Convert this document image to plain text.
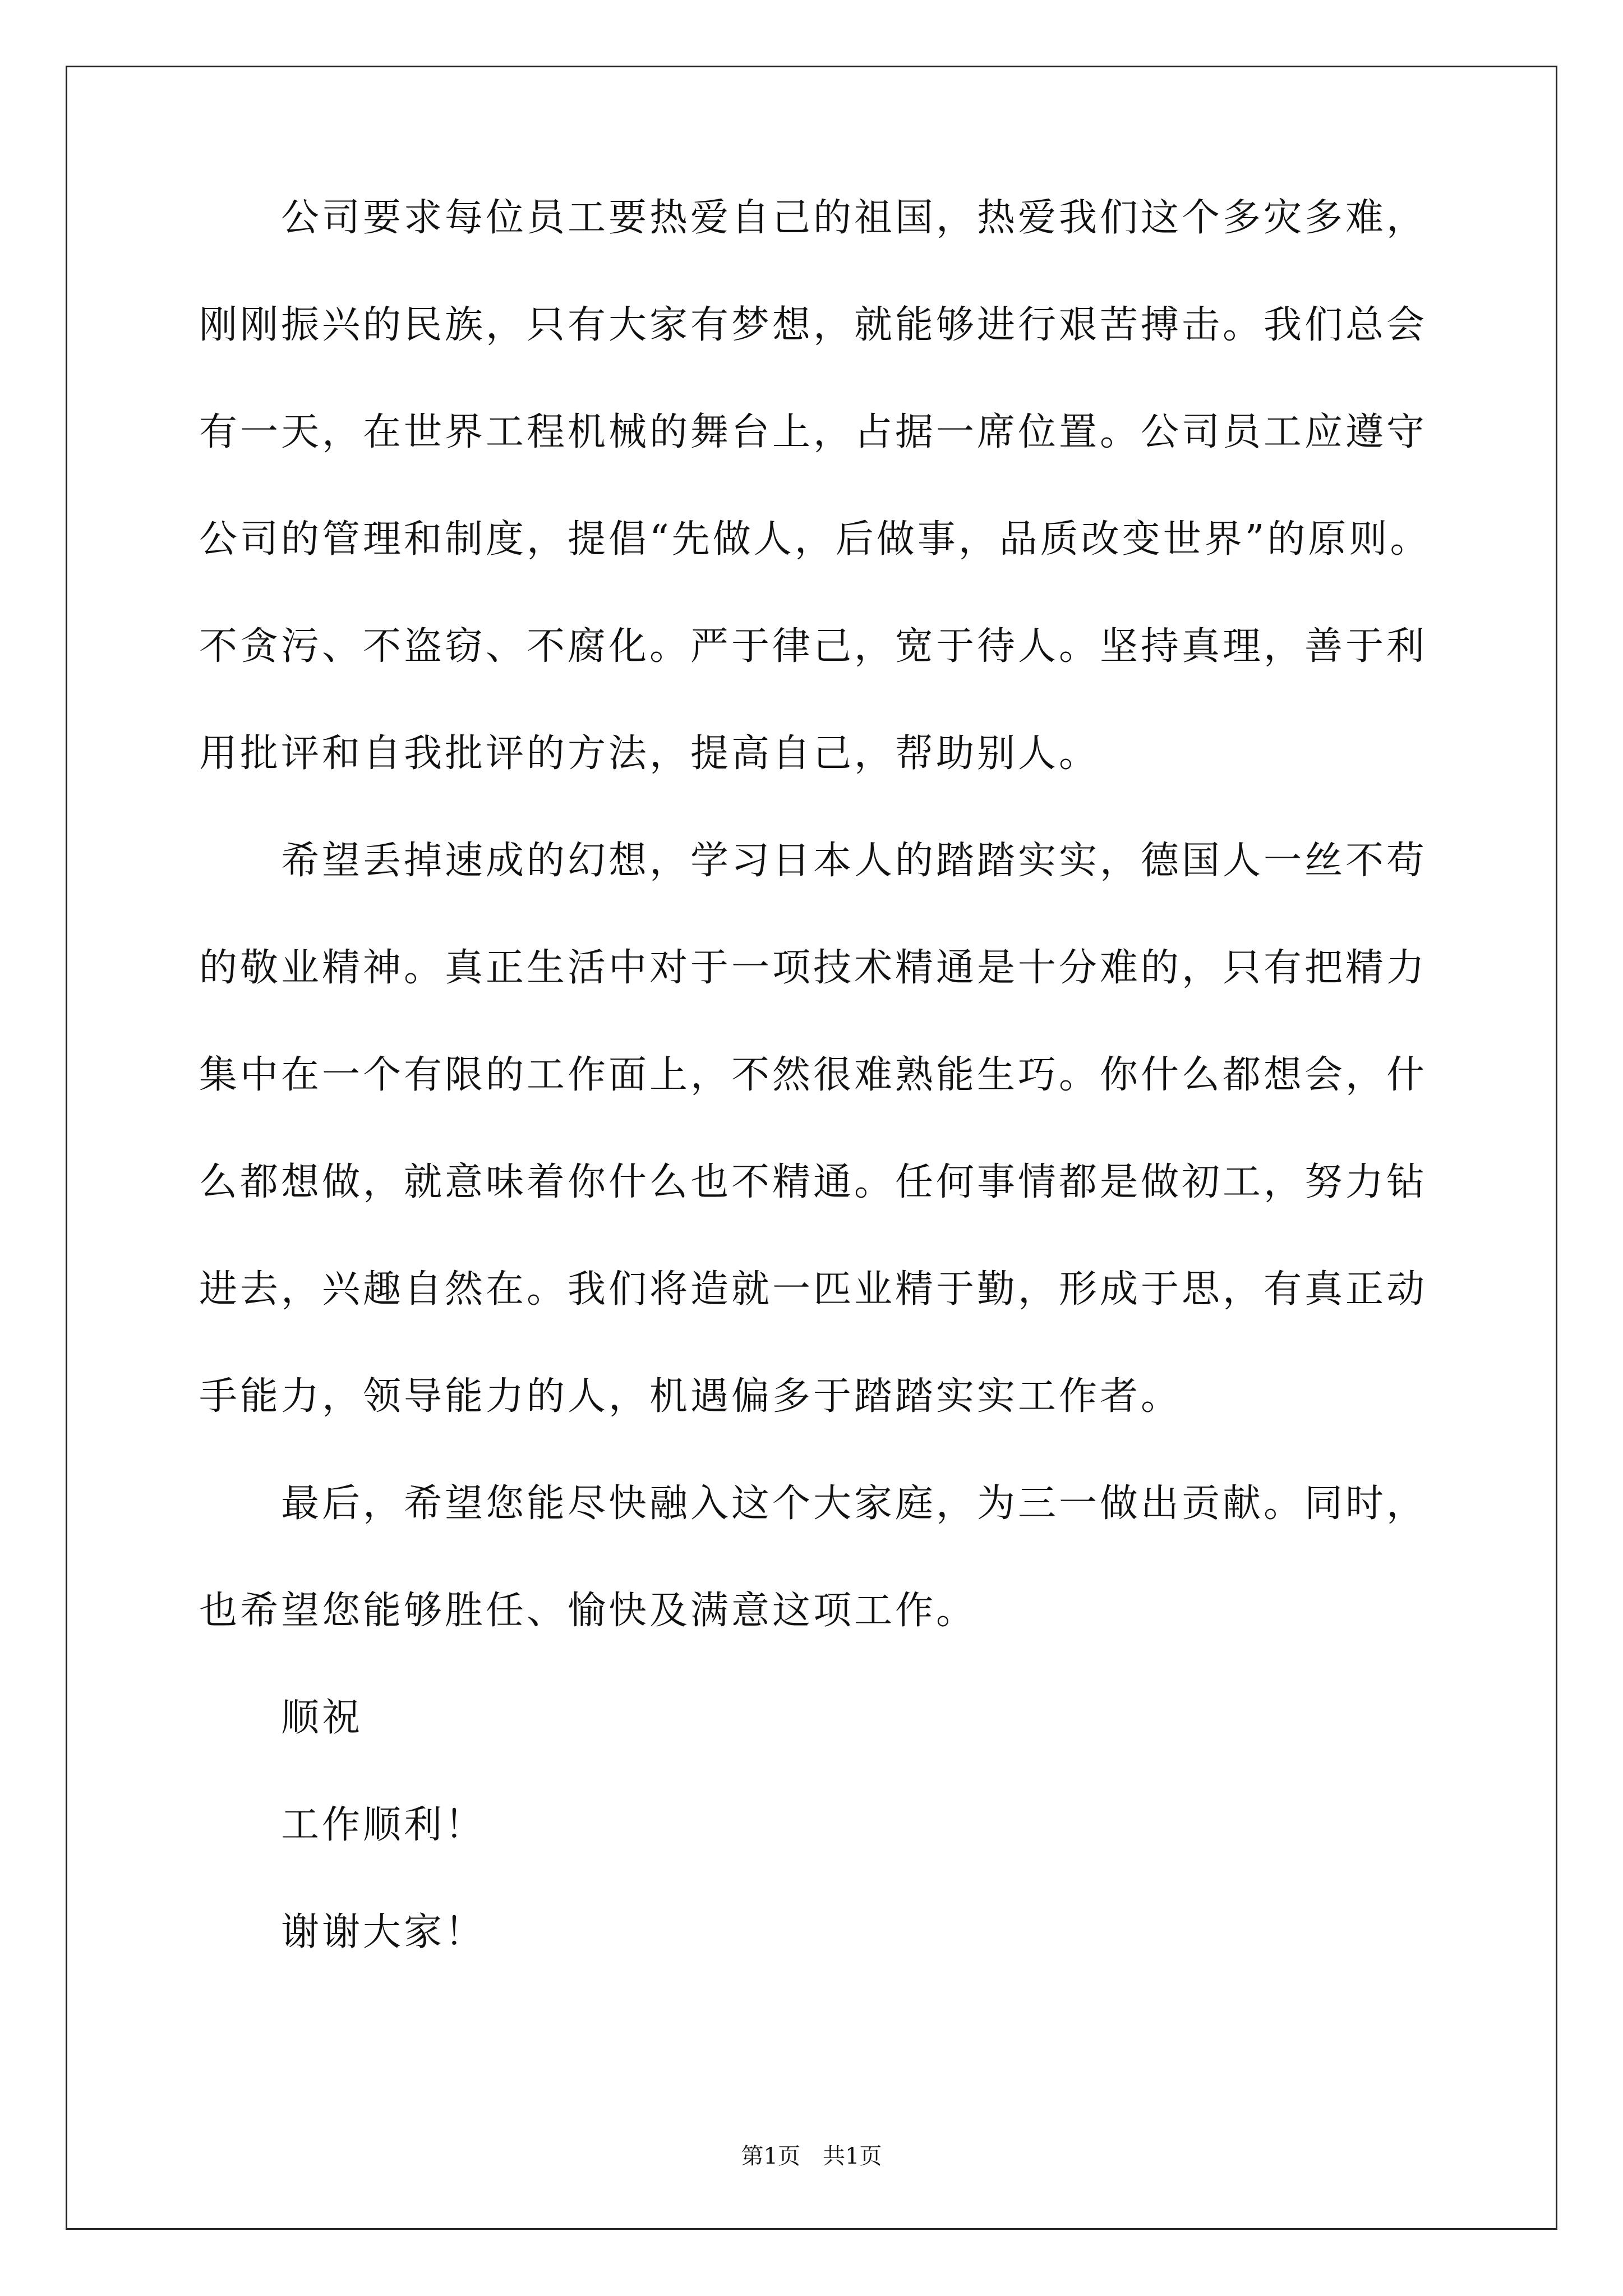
　　公司要求每位员工要热爱自己的祖国，热爱我们这个多灾多难，
刚刚振兴的民族，只有大家有梦想，就能够进行艰苦搏击。我们总会
有一天，在世界工程机械的舞台上，占据一席位置。公司员工应遵守
公司的管理和制度，提倡“先做人，后做事，品质改变世界”的原则。
不贪污、不盗窃、不腐化。严于律己，宽于待人。坚持真理，善于利
用批评和自我批评的方法，提高自己，帮助别人。
　　希望丢掉速成的幻想，学习日本人的踏踏实实，德国人一丝不苟
的敬业精神。真正生活中对于一项技术精通是十分难的，只有把精力
集中在一个有限的工作面上，不然很难熟能生巧。你什么都想会，什
么都想做，就意味着你什么也不精通。任何事情都是做初工，努力钻
进去，兴趣自然在。我们将造就一匹业精于勤，形成于思，有真正动
手能力，领导能力的人，机遇偏多于踏踏实实工作者。
　　最后，希望您能尽快融入这个大家庭，为三一做出贡献。同时，
也希望您能够胜任、愉快及满意这项工作。
　　顺祝
　　工作顺利！
　　谢谢大家！
第1页　共1页
